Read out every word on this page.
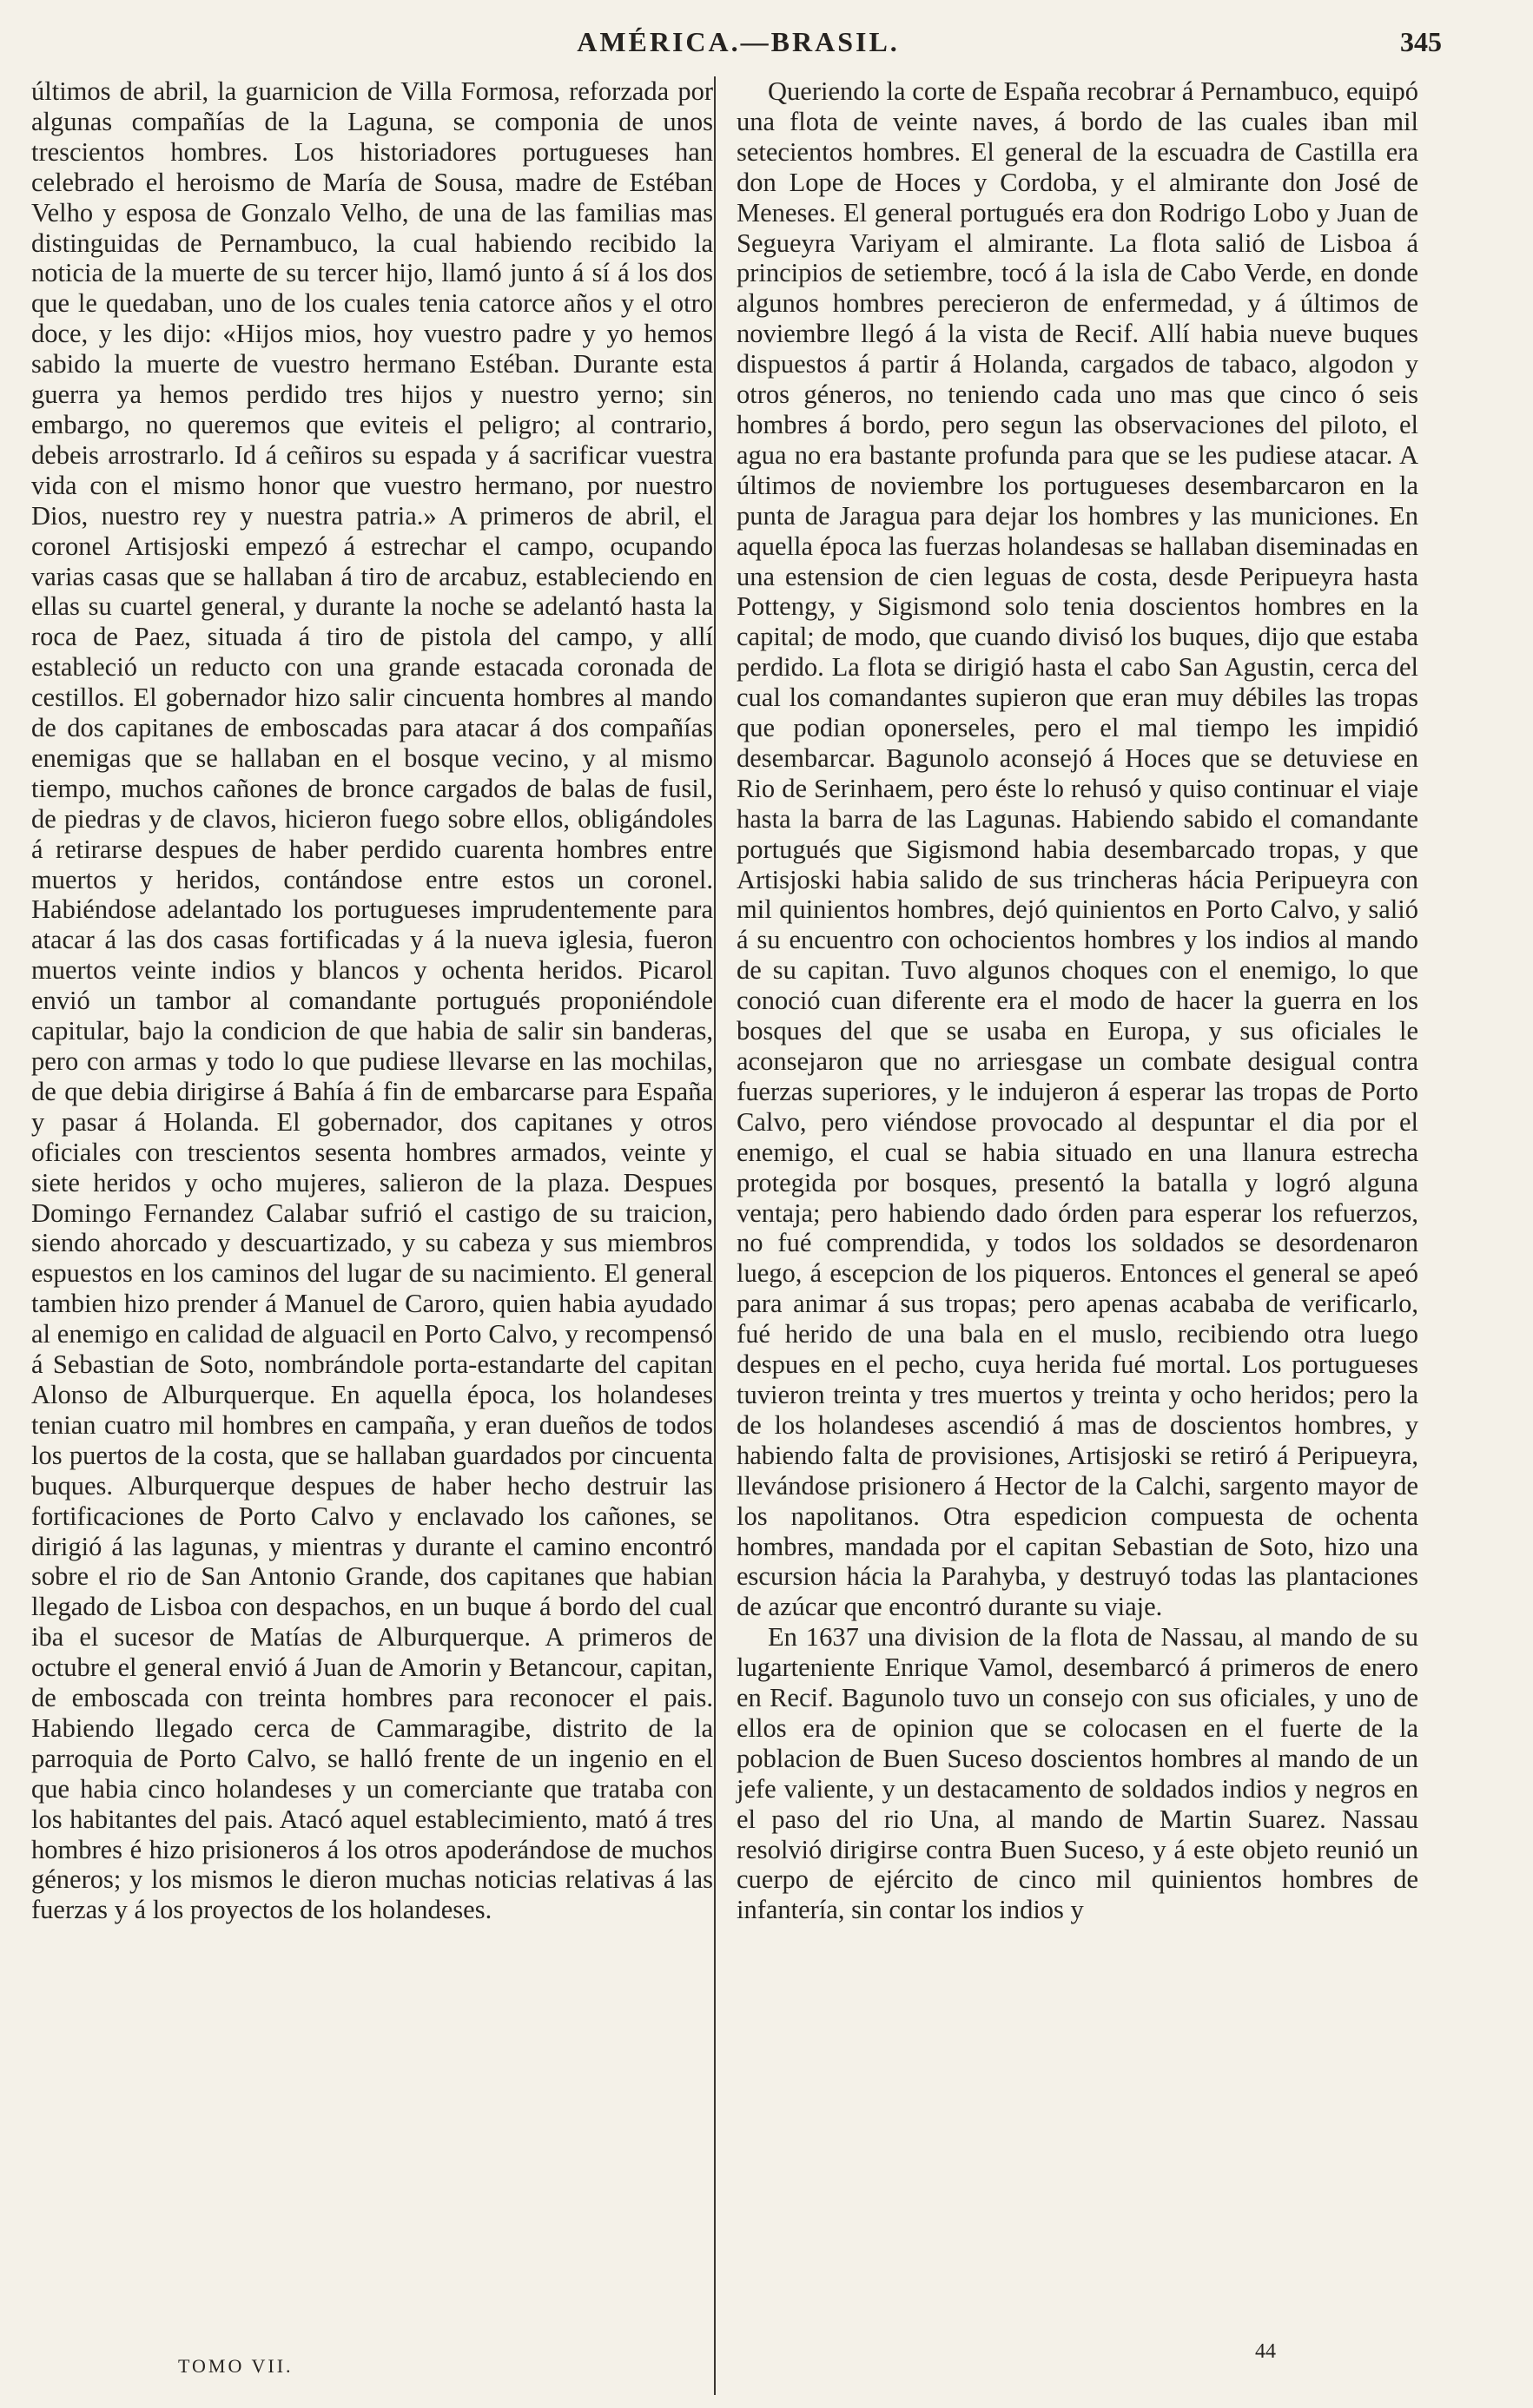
AMÉRICA.—BRASIL.	345

últimos de abril, la guarnicion de Villa Formosa, reforzada por algunas compañías de la Laguna, se componia de unos trescientos hombres. Los historiadores portugueses han celebrado el heroismo de María de Sousa, madre de Estéban Velho y esposa de Gonzalo Velho, de una de las familias mas distinguidas de Pernambuco, la cual habiendo recibido la noticia de la muerte de su tercer hijo, llamó junto á sí á los dos que le quedaban, uno de los cuales tenia catorce años y el otro doce, y les dijo: «Hijos mios, hoy vuestro padre y yo hemos sabido la muerte de vuestro hermano Estéban. Durante esta guerra ya hemos perdido tres hijos y nuestro yerno; sin embargo, no queremos que eviteis el peligro; al contrario, debeis arrostrarlo. Id á ceñiros su espada y á sacrificar vuestra vida con el mismo honor que vuestro hermano, por nuestro Dios, nuestro rey y nuestra patria.» A primeros de abril, el coronel Artisjoski empezó á estrechar el campo, ocupando varias casas que se hallaban á tiro de arcabuz, estableciendo en ellas su cuartel general, y durante la noche se adelantó hasta la roca de Paez, situada á tiro de pistola del campo, y allí estableció un reducto con una grande estacada coronada de cestillos. El gobernador hizo salir cincuenta hombres al mando de dos capitanes de emboscadas para atacar á dos compañías enemigas que se hallaban en el bosque vecino, y al mismo tiempo, muchos cañones de bronce cargados de balas de fusil, de piedras y de clavos, hicieron fuego sobre ellos, obligándoles á retirarse despues de haber perdido cuarenta hombres entre muertos y heridos, contándose entre estos un coronel. Habiéndose adelantado los portugueses imprudentemente para atacar á las dos casas fortificadas y á la nueva iglesia, fueron muertos veinte indios y blancos y ochenta heridos. Picarol envió un tambor al comandante portugués proponiéndole capitular, bajo la condicion de que habia de salir sin banderas, pero con armas y todo lo que pudiese llevarse en las mochilas, de que debia dirigirse á Bahía á fin de embarcarse para España y pasar á Holanda. El gobernador, dos capitanes y otros oficiales con trescientos sesenta hombres armados, veinte y siete heridos y ocho mujeres, salieron de la plaza. Despues Domingo Fernandez Calabar sufrió el castigo de su traicion, siendo ahorcado y descuartizado, y su cabeza y sus miembros espuestos en los caminos del lugar de su nacimiento. El general tambien hizo prender á Manuel de Caroro, quien habia ayudado al enemigo en calidad de alguacil en Porto Calvo, y recompensó á Sebastian de Soto, nombrándole porta-estandarte del capitan Alonso de Alburquerque. En aquella época, los holandeses tenian cuatro mil hombres en campaña, y eran dueños de todos los puertos de la costa, que se hallaban guardados por cincuenta buques. Alburquerque despues de haber hecho destruir las fortificaciones de Porto Calvo y enclavado los cañones, se dirigió á las lagunas, y mientras y durante el camino encontró sobre el rio de San Antonio Grande, dos capitanes que habian llegado de Lisboa con despachos, en un buque á bordo del cual iba el sucesor de Matías de Alburquerque. A primeros de octubre el general envió á Juan de Amorin y Betancour, capitan, de emboscada con treinta hombres para reconocer el pais. Habiendo llegado cerca de Cammaragibe, distrito de la parroquia de Porto Calvo, se halló frente de un ingenio en el que habia cinco holandeses y un comerciante que trataba con los habitantes del pais. Atacó aquel establecimiento, mató á tres hombres é hizo prisioneros á los otros apoderándose de muchos géneros; y los mismos le dieron muchas noticias relativas á las fuerzas y á los proyectos de los holandeses.

Queriendo la corte de España recobrar á Pernambuco, equipó una flota de veinte naves, á bordo de las cuales iban mil setecientos hombres. El general de la escuadra de Castilla era don Lope de Hoces y Cordoba, y el almirante don José de Meneses. El general portugués era don Rodrigo Lobo y Juan de Segueyra Variyam el almirante. La flota salió de Lisboa á principios de setiembre, tocó á la isla de Cabo Verde, en donde algunos hombres perecieron de enfermedad, y á últimos de noviembre llegó á la vista de Recif. Allí habia nueve buques dispuestos á partir á Holanda, cargados de tabaco, algodon y otros géneros, no teniendo cada uno mas que cinco ó seis hombres á bordo, pero segun las observaciones del piloto, el agua no era bastante profunda para que se les pudiese atacar. A últimos de noviembre los portugueses desembarcaron en la punta de Jaragua para dejar los hombres y las municiones. En aquella época las fuerzas holandesas se hallaban diseminadas en una estension de cien leguas de costa, desde Peripueyra hasta Pottengy, y Sigismond solo tenia doscientos hombres en la capital; de modo, que cuando divisó los buques, dijo que estaba perdido. La flota se dirigió hasta el cabo San Agustin, cerca del cual los comandantes supieron que eran muy débiles las tropas que podian oponerseles, pero el mal tiempo les impidió desembarcar. Bagunolo aconsejó á Hoces que se detuviese en Rio de Serinhaem, pero éste lo rehusó y quiso continuar el viaje hasta la barra de las Lagunas. Habiendo sabido el comandante portugués que Sigismond habia desembarcado tropas, y que Artisjoski habia salido de sus trincheras hácia Peripueyra con mil quinientos hombres, dejó quinientos en Porto Calvo, y salió á su encuentro con ochocientos hombres y los indios al mando de su capitan. Tuvo algunos choques con el enemigo, lo que conoció cuan diferente era el modo de hacer la guerra en los bosques del que se usaba en Europa, y sus oficiales le aconsejaron que no arriesgase un combate desigual contra fuerzas superiores, y le indujeron á esperar las tropas de Porto Calvo, pero viéndose provocado al despuntar el dia por el enemigo, el cual se habia situado en una llanura estrecha protegida por bosques, presentó la batalla y logró alguna ventaja; pero habiendo dado órden para esperar los refuerzos, no fué comprendida, y todos los soldados se desordenaron luego, á escepcion de los piqueros. Entonces el general se apeó para animar á sus tropas; pero apenas acababa de verificarlo, fué herido de una bala en el muslo, recibiendo otra luego despues en el pecho, cuya herida fué mortal. Los portugueses tuvieron treinta y tres muertos y treinta y ocho heridos; pero la de los holandeses ascendió á mas de doscientos hombres, y habiendo falta de provisiones, Artisjoski se retiró á Peripueyra, llevándose prisionero á Hector de la Calchi, sargento mayor de los napolitanos. Otra espedicion compuesta de ochenta hombres, mandada por el capitan Sebastian de Soto, hizo una escursion hácia la Parahyba, y destruyó todas las plantaciones de azúcar que encontró durante su viaje.

En 1637 una division de la flota de Nassau, al mando de su lugarteniente Enrique Vamol, desembarcó á primeros de enero en Recif. Bagunolo tuvo un consejo con sus oficiales, y uno de ellos era de opinion que se colocasen en el fuerte de la poblacion de Buen Suceso doscientos hombres al mando de un jefe valiente, y un destacamento de soldados indios y negros en el paso del rio Una, al mando de Martin Suarez. Nassau resolvió dirigirse contra Buen Suceso, y á este objeto reunió un cuerpo de ejército de cinco mil quinientos hombres de infantería, sin contar los indios y

TOMO VII.
44
